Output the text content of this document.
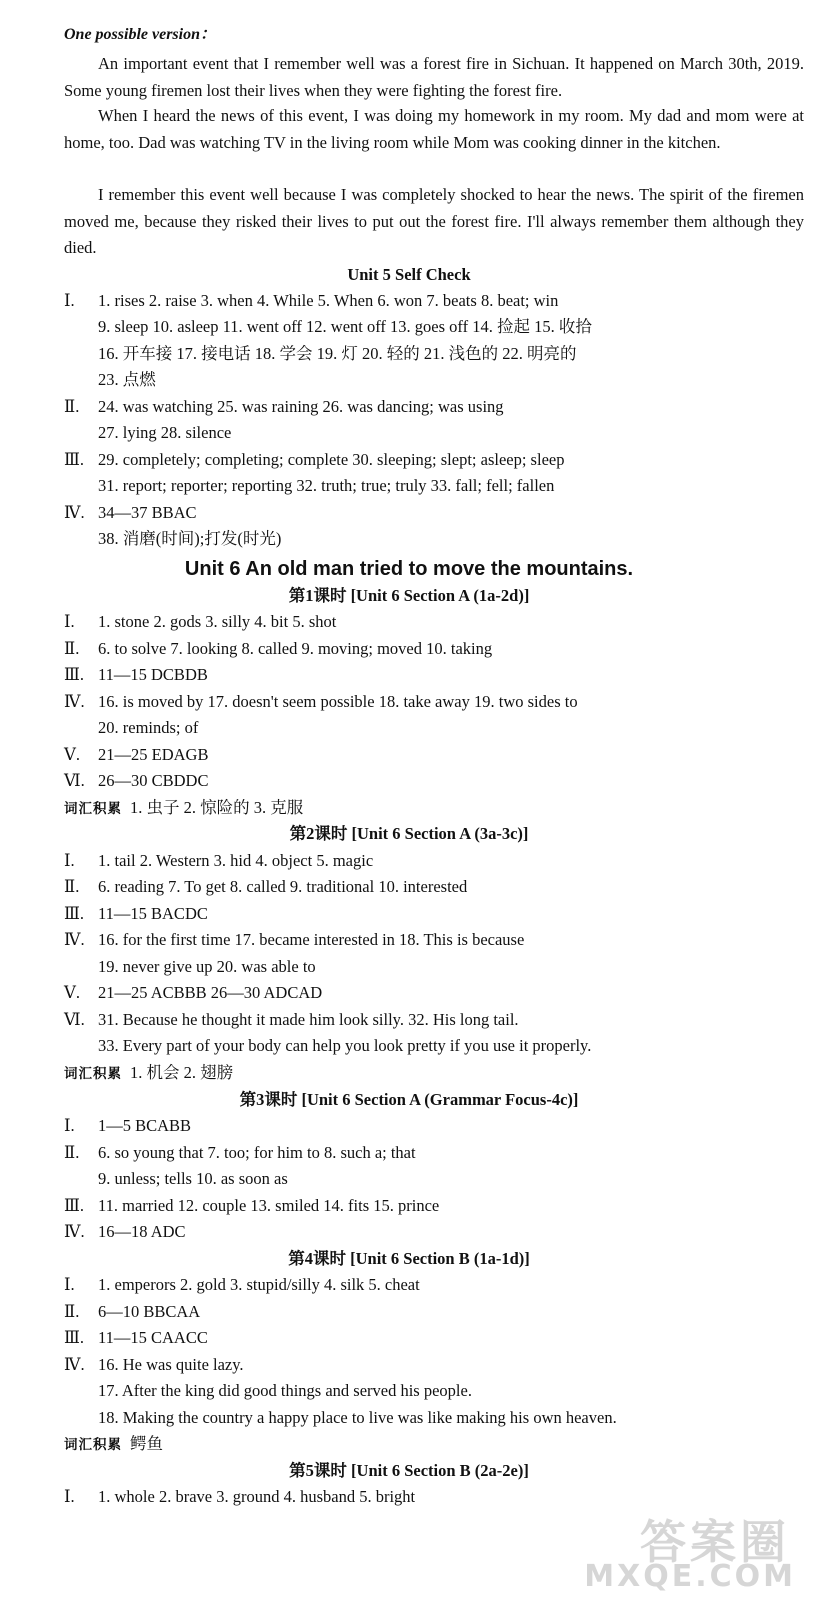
One possible version：
An important event that I remember well was a forest fire in Sichuan. It happened on March 30th, 2019. Some young firemen lost their lives when they were fighting the forest fire.
When I heard the news of this event, I was doing my homework in my room. My dad and mom were at home, too. Dad was watching TV in the living room while Mom was cooking dinner in the kitchen.
I remember this event well because I was completely shocked to hear the news. The spirit of the firemen moved me, because they risked their lives to put out the forest fire. I'll always remember them although they died.
Unit 5 Self Check
Ⅰ. 1. rises 2. raise 3. when 4. While 5. When 6. won 7. beats 8. beat; win
9. sleep 10. asleep 11. went off 12. went off 13. goes off 14. 捡起 15. 收拾
16. 开车接 17. 接电话 18. 学会 19. 灯 20. 轻的 21. 浅色的 22. 明亮的
23. 点燃
Ⅱ. 24. was watching 25. was raining 26. was dancing; was using
27. lying 28. silence
Ⅲ. 29. completely; completing; complete 30. sleeping; slept; asleep; sleep
31. report; reporter; reporting 32. truth; true; truly 33. fall; fell; fallen
Ⅳ. 34—37 BBAC
38. 消磨(时间);打发(时光)
Unit 6 An old man tried to move the mountains.
第1课时 [Unit 6 Section A (1a-2d)]
Ⅰ. 1. stone 2. gods 3. silly 4. bit 5. shot
Ⅱ. 6. to solve 7. looking 8. called 9. moving; moved 10. taking
Ⅲ. 11—15 DCBDB
Ⅳ. 16. is moved by 17. doesn't seem possible 18. take away 19. two sides to
20. reminds; of
Ⅴ. 21—25 EDAGB
Ⅵ. 26—30 CBDDC
词汇积累 1. 虫子 2. 惊险的 3. 克服
第2课时 [Unit 6 Section A (3a-3c)]
Ⅰ. 1. tail 2. Western 3. hid 4. object 5. magic
Ⅱ. 6. reading 7. To get 8. called 9. traditional 10. interested
Ⅲ. 11—15 BACDC
Ⅳ. 16. for the first time 17. became interested in 18. This is because
19. never give up 20. was able to
Ⅴ. 21—25 ACBBB 26—30 ADCAD
Ⅵ. 31. Because he thought it made him look silly. 32. His long tail.
33. Every part of your body can help you look pretty if you use it properly.
词汇积累 1. 机会 2. 翅膀
第3课时 [Unit 6 Section A (Grammar Focus-4c)]
Ⅰ. 1—5 BCABB
Ⅱ. 6. so young that 7. too; for him to 8. such a; that
9. unless; tells 10. as soon as
Ⅲ. 11. married 12. couple 13. smiled 14. fits 15. prince
Ⅳ. 16—18 ADC
第4课时 [Unit 6 Section B (1a-1d)]
Ⅰ. 1. emperors 2. gold 3. stupid/silly 4. silk 5. cheat
Ⅱ. 6—10 BBCAA
Ⅲ. 11—15 CAACC
Ⅳ. 16. He was quite lazy.
17. After the king did good things and served his people.
18. Making the country a happy place to live was like making his own heaven.
词汇积累 鳄鱼
第5课时 [Unit 6 Section B (2a-2e)]
Ⅰ. 1. whole 2. brave 3. ground 4. husband 5. bright
答案圈
MXQE.COM
